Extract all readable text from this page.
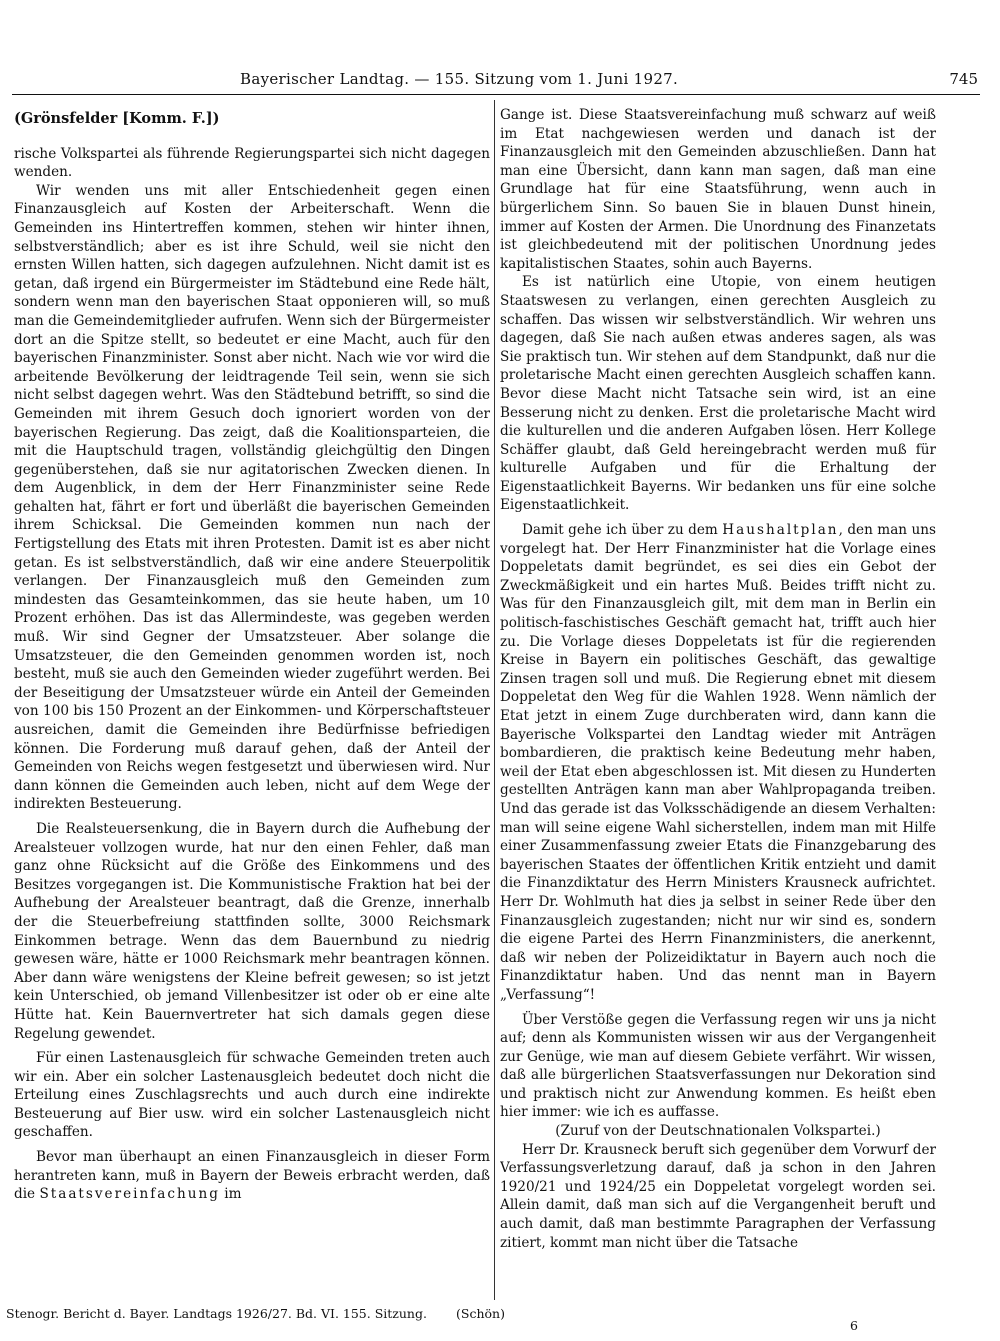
Bayerischer Landtag. — 155. Sitzung vom 1. Juni 1927.	745
(Grönsfelder [Komm. F.])

rische Volkspartei als führende Regierungspartei sich nicht dagegen wenden.

Wir wenden uns mit aller Entschiedenheit gegen einen Finanzausgleich auf Kosten der Arbeiterschaft. Wenn die Gemeinden ins Hintertreffen kommen, stehen wir hinter ihnen, selbstverständlich; aber es ist ihre Schuld, weil sie nicht den ernsten Willen hatten, sich dagegen aufzulehnen. Nicht damit ist es getan, daß irgend ein Bürgermeister im Städtebund eine Rede hält, sondern wenn man den bayerischen Staat opponieren will, so muß man die Gemeindemitglieder aufrufen. Wenn sich der Bürgermeister dort an die Spitze stellt, so bedeutet er eine Macht, auch für den bayerischen Finanzminister. Sonst aber nicht. Nach wie vor wird die arbeitende Bevölkerung der leidtragende Teil sein, wenn sie sich nicht selbst dagegen wehrt. Was den Städtebund betrifft, so sind die Gemeinden mit ihrem Gesuch doch ignoriert worden von der bayerischen Regierung. Das zeigt, daß die Koalitionsparteien, die mit die Hauptschuld tragen, vollständig gleichgültig den Dingen gegenüberstehen, daß sie nur agitatorischen Zwecken dienen. In dem Augenblick, in dem der Herr Finanzminister seine Rede gehalten hat, fährt er fort und überläßt die bayerischen Gemeinden ihrem Schicksal. Die Gemeinden kommen nun nach der Fertigstellung des Etats mit ihren Protesten. Damit ist es aber nicht getan. Es ist selbstverständlich, daß wir eine andere Steuerpolitik verlangen. Der Finanzausgleich muß den Gemeinden zum mindesten das Gesamteinkommen, das sie heute haben, um 10 Prozent erhöhen. Das ist das Allermindeste, was gegeben werden muß. Wir sind Gegner der Umsatzsteuer. Aber solange die Umsatzsteuer, die den Gemeinden genommen worden ist, noch besteht, muß sie auch den Gemeinden wieder zugeführt werden. Bei der Beseitigung der Umsatzsteuer würde ein Anteil der Gemeinden von 100 bis 150 Prozent an der Einkommen- und Körperschaftsteuer ausreichen, damit die Gemeinden ihre Bedürfnisse befriedigen können. Die Forderung muß darauf gehen, daß der Anteil der Gemeinden von Reichs wegen festgesetzt und überwiesen wird. Nur dann können die Gemeinden auch leben, nicht auf dem Wege der indirekten Besteuerung.

Die Realsteuersenkung, die in Bayern durch die Aufhebung der Arealsteuer vollzogen wurde, hat nur den einen Fehler, daß man ganz ohne Rücksicht auf die Größe des Einkommens und des Besitzes vorgegangen ist. Die Kommunistische Fraktion hat bei der Aufhebung der Arealsteuer beantragt, daß die Grenze, innerhalb der die Steuerbefreiung stattfinden sollte, 3000 Reichsmark Einkommen betrage. Wenn das dem Bauernbund zu niedrig gewesen wäre, hätte er 1000 Reichsmark mehr beantragen können. Aber dann wäre wenigstens der Kleine befreit gewesen; so ist jetzt kein Unterschied, ob jemand Villenbesitzer ist oder ob er eine alte Hütte hat. Kein Bauernvertreter hat sich damals gegen diese Regelung gewendet.

Für einen Lastenausgleich für schwache Gemeinden treten auch wir ein. Aber ein solcher Lastenausgleich bedeutet doch nicht die Erteilung eines Zuschlagsrechts und auch durch eine indirekte Besteuerung auf Bier usw. wird ein solcher Lastenausgleich nicht geschaffen.

Bevor man überhaupt an einen Finanzausgleich in dieser Form herantreten kann, muß in Bayern der Beweis erbracht werden, daß die Staatsvereinfachung im

Gange ist. Diese Staatsvereinfachung muß schwarz auf weiß im Etat nachgewiesen werden und danach ist der Finanzausgleich mit den Gemeinden abzuschließen. Dann hat man eine Übersicht, dann kann man sagen, daß man eine Grundlage hat für eine Staatsführung, wenn auch in bürgerlichem Sinn. So bauen Sie in blauen Dunst hinein, immer auf Kosten der Armen. Die Unordnung des Finanzetats ist gleichbedeutend mit der politischen Unordnung jedes kapitalistischen Staates, sohin auch Bayerns.

Es ist natürlich eine Utopie, von einem heutigen Staatswesen zu verlangen, einen gerechten Ausgleich zu schaffen. Das wissen wir selbstverständlich. Wir wehren uns dagegen, daß Sie nach außen etwas anderes sagen, als was Sie praktisch tun. Wir stehen auf dem Standpunkt, daß nur die proletarische Macht einen gerechten Ausgleich schaffen kann. Bevor diese Macht nicht Tatsache sein wird, ist an eine Besserung nicht zu denken. Erst die proletarische Macht wird die kulturellen und die anderen Aufgaben lösen. Herr Kollege Schäffer glaubt, daß Geld hereingebracht werden muß für kulturelle Aufgaben und für die Erhaltung der Eigenstaatlichkeit Bayerns. Wir bedanken uns für eine solche Eigenstaatlichkeit.

Damit gehe ich über zu dem Haushaltplan, den man uns vorgelegt hat. Der Herr Finanzminister hat die Vorlage eines Doppeletats damit begründet, es sei dies ein Gebot der Zweckmäßigkeit und ein hartes Muß. Beides trifft nicht zu. Was für den Finanzausgleich gilt, mit dem man in Berlin ein politisch-faschistisches Geschäft gemacht hat, trifft auch hier zu. Die Vorlage dieses Doppeletats ist für die regierenden Kreise in Bayern ein politisches Geschäft, das gewaltige Zinsen tragen soll und muß. Die Regierung ebnet mit diesem Doppeletat den Weg für die Wahlen 1928. Wenn nämlich der Etat jetzt in einem Zuge durchberaten wird, dann kann die Bayerische Volkspartei den Landtag wieder mit Anträgen bombardieren, die praktisch keine Bedeutung mehr haben, weil der Etat eben abgeschlossen ist. Mit diesen zu Hunderten gestellten Anträgen kann man aber Wahlpropaganda treiben. Und das gerade ist das Volksschädigende an diesem Verhalten: man will seine eigene Wahl sicherstellen, indem man mit Hilfe einer Zusammenfassung zweier Etats die Finanzgebarung des bayerischen Staates der öffentlichen Kritik entzieht und damit die Finanzdiktatur des Herrn Ministers Krausneck aufrichtet. Herr Dr. Wohlmuth hat dies ja selbst in seiner Rede über den Finanzausgleich zugestanden; nicht nur wir sind es, sondern die eigene Partei des Herrn Finanzministers, die anerkennt, daß wir neben der Polizeidiktatur in Bayern auch noch die Finanzdiktatur haben. Und das nennt man in Bayern „Verfassung“!

Über Verstöße gegen die Verfassung regen wir uns ja nicht auf; denn als Kommunisten wissen wir aus der Vergangenheit zur Genüge, wie man auf diesem Gebiete verfährt. Wir wissen, daß alle bürgerlichen Staatsverfassungen nur Dekoration sind und praktisch nicht zur Anwendung kommen. Es heißt eben hier immer: wie ich es auffasse.

(Zuruf von der Deutschnationalen Volkspartei.)

Herr Dr. Krausneck beruft sich gegenüber dem Vorwurf der Verfassungsverletzung darauf, daß ja schon in den Jahren 1920/21 und 1924/25 ein Doppeletat vorgelegt worden sei. Allein damit, daß man sich auf die Vergangenheit beruft und auch damit, daß man bestimmte Paragraphen der Verfassung zitiert, kommt man nicht über die Tatsache

Stenogr. Bericht d. Bayer. Landtags 1926/27. Bd. VI. 155. Sitzung. (Schön)
6
